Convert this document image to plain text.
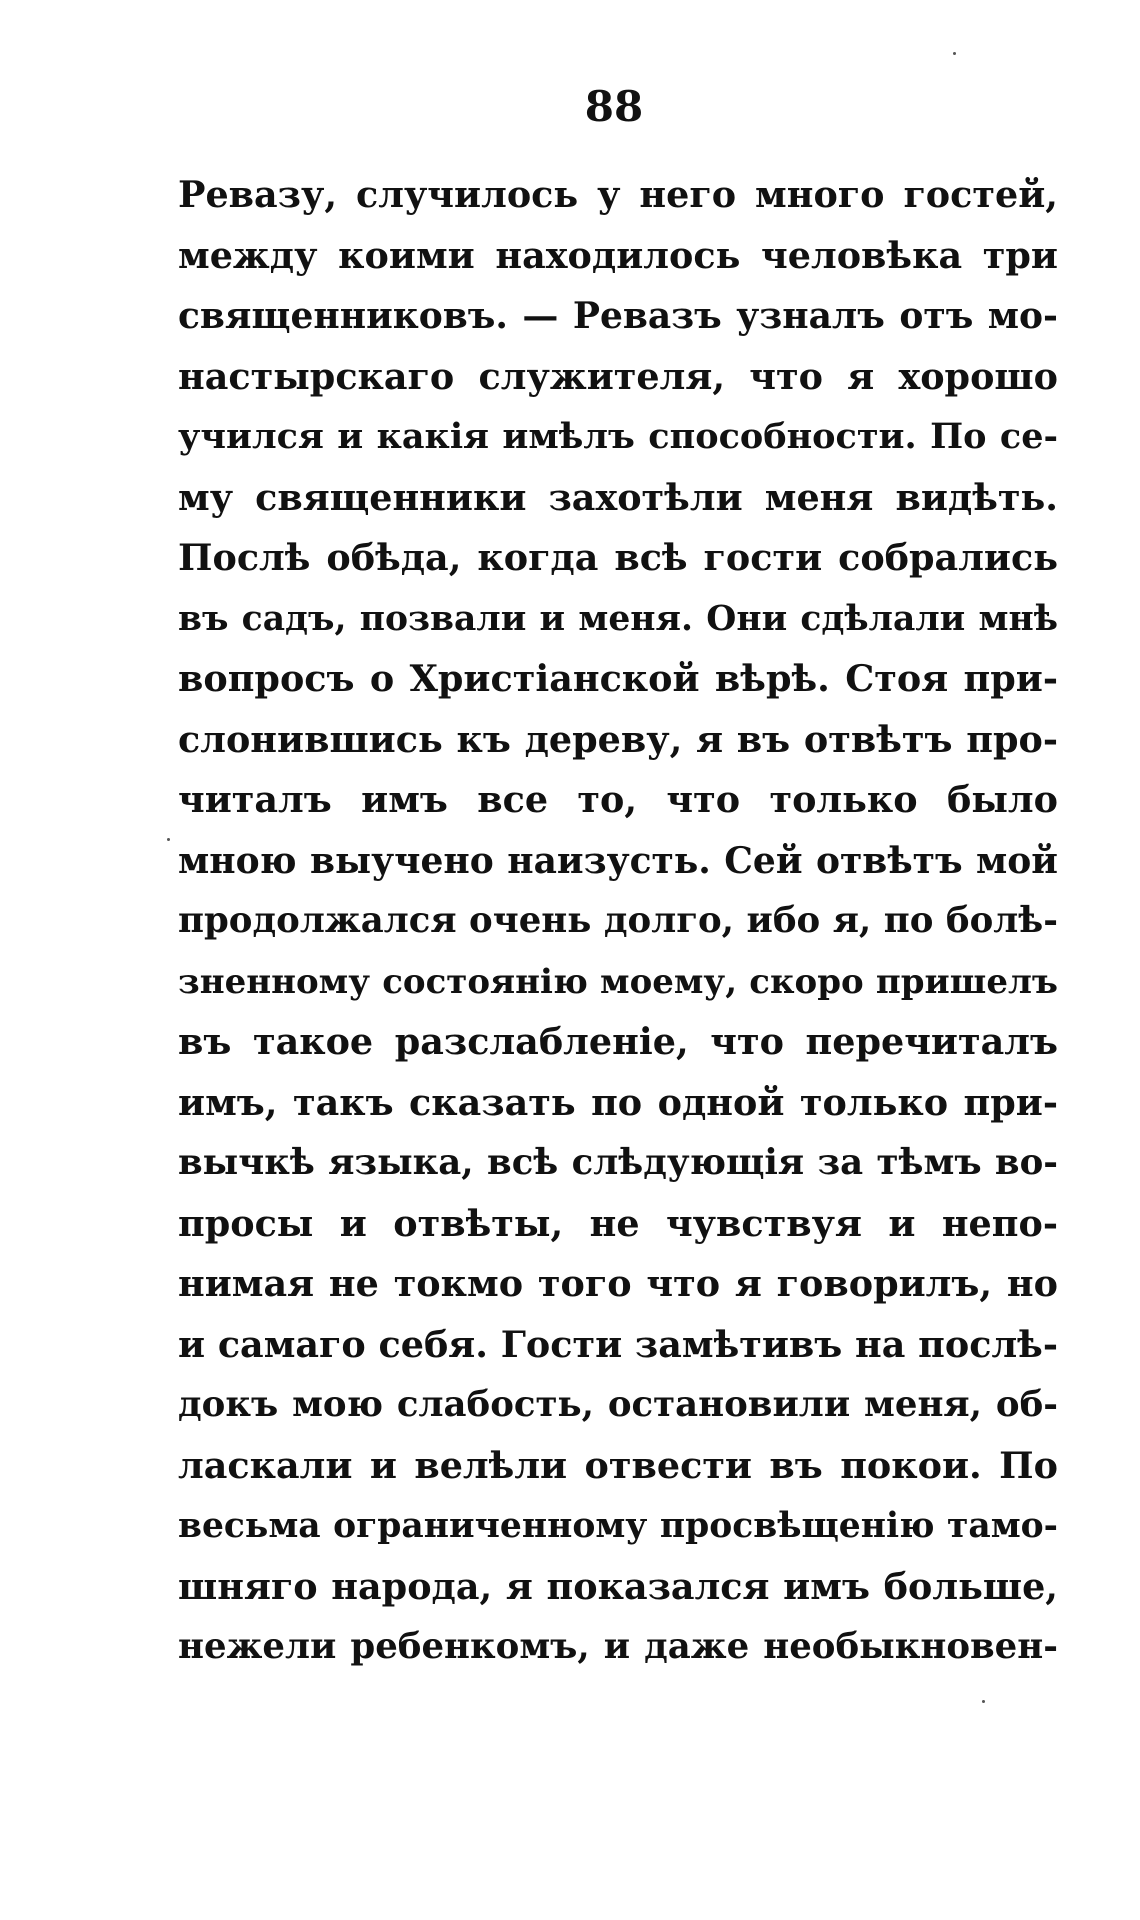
88
Ревазу, случилось у него много гостей,
между коими находилось человѣка три
священниковъ. — Ревазъ узналъ отъ мо-
настырскаго служителя, что я хорошо
учился и какія имѣлъ способности. По се-
му священники захотѣли меня видѣть.
Послѣ обѣда, когда всѣ гости собрались
въ садъ, позвали и меня. Они сдѣлали мнѣ
вопросъ о Христіанской вѣрѣ. Стоя при-
слонившись къ дереву, я въ отвѣтъ про-
читалъ имъ все то, что только было
мною выучено наизусть. Сей отвѣтъ мой
продолжался очень долго, ибо я, по болѣ-
зненному состоянію моему, скоро пришелъ
въ такое разслабленіе, что перечиталъ
имъ, такъ сказать по одной только при-
вычкѣ языка, всѣ слѣдующія за тѣмъ во-
просы и отвѣты, не чувствуя и непо-
нимая не токмо того что я говорилъ, но
и самаго себя. Гости замѣтивъ на послѣ-
докъ мою слабость, остановили меня, об-
ласкали и велѣли отвести въ покои. По
весьма ограниченному просвѣщенію тамо-
шняго народа, я показался имъ больше,
нежели ребенкомъ, и даже необыкновен-
